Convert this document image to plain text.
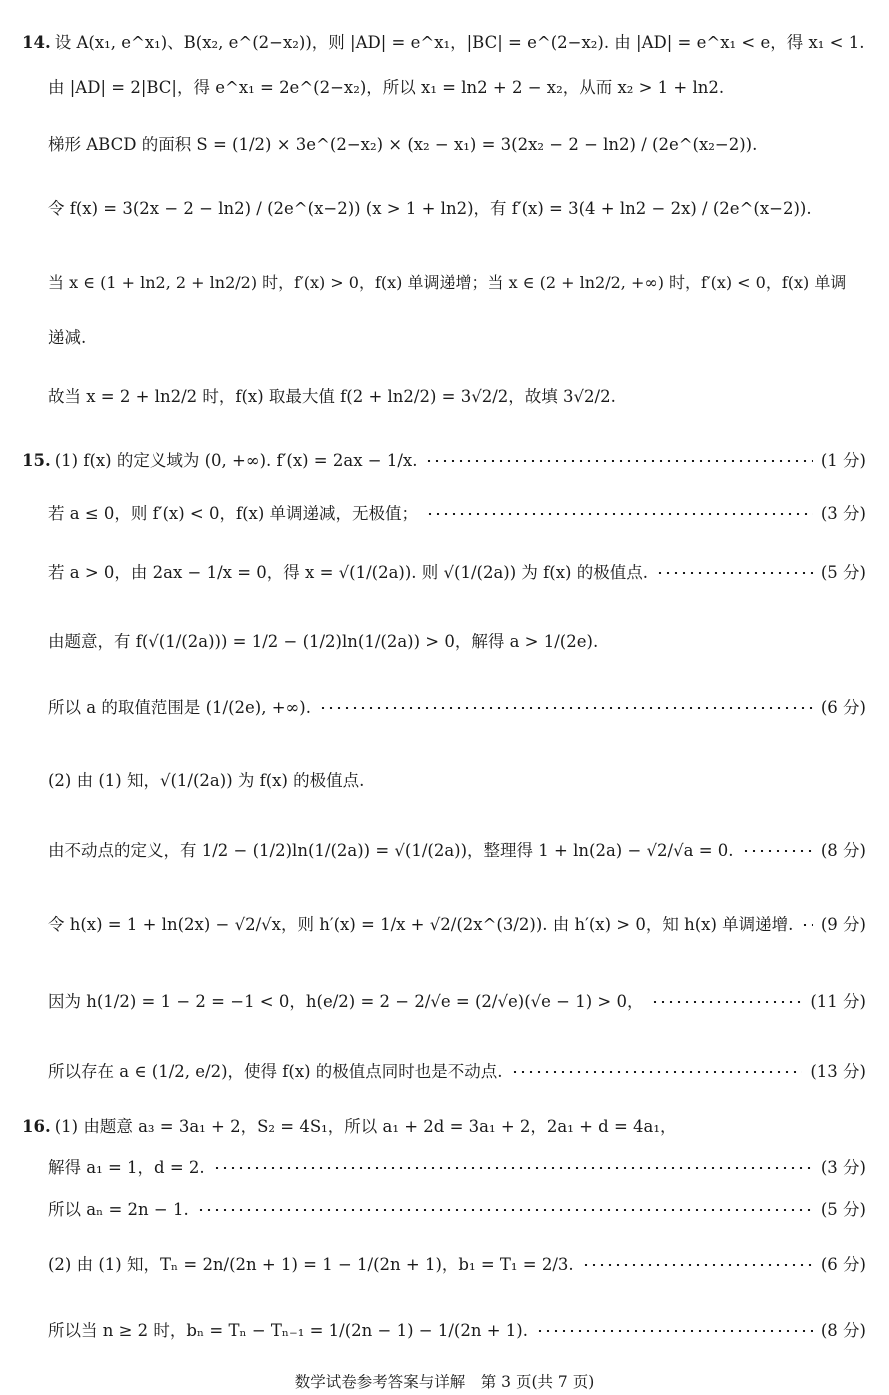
14. 设 A(x₁, e^x₁)、B(x₂, e^(2−x₂))，则 |AD| = e^x₁，|BC| = e^(2−x₂). 由 |AD| = e^x₁ < e，得 x₁ < 1.
由 |AD| = 2|BC|，得 e^x₁ = 2e^(2−x₂)，所以 x₁ = ln2 + 2 − x₂，从而 x₂ > 1 + ln2.
梯形 ABCD 的面积 S = (1/2) × 3e^(2−x₂) × (x₂ − x₁) = 3(2x₂ − 2 − ln2) / (2e^(x₂−2)).
令 f(x) = 3(2x − 2 − ln2) / (2e^(x−2)) (x > 1 + ln2)，有 f′(x) = 3(4 + ln2 − 2x) / (2e^(x−2)).
当 x ∈ (1 + ln2, 2 + ln2/2) 时，f′(x) > 0，f(x) 单调递增；当 x ∈ (2 + ln2/2, +∞) 时，f′(x) < 0，f(x) 单调
递减.
故当 x = 2 + ln2/2 时，f(x) 取最大值 f(2 + ln2/2) = 3√2/2，故填 3√2/2.
15. (1) f(x) 的定义域为 (0, +∞). f′(x) = 2ax − 1/x.	(1 分)
若 a ≤ 0，则 f′(x) < 0，f(x) 单调递减，无极值；	(3 分)
若 a > 0，由 2ax − 1/x = 0，得 x = √(1/(2a)). 则 √(1/(2a)) 为 f(x) 的极值点.	(5 分)
由题意，有 f(√(1/(2a))) = 1/2 − (1/2)ln(1/(2a)) > 0，解得 a > 1/(2e).
所以 a 的取值范围是 (1/(2e), +∞).	(6 分)
(2) 由 (1) 知，√(1/(2a)) 为 f(x) 的极值点.
由不动点的定义，有 1/2 − (1/2)ln(1/(2a)) = √(1/(2a))，整理得 1 + ln(2a) − √2/√a = 0.	(8 分)
令 h(x) = 1 + ln(2x) − √2/√x，则 h′(x) = 1/x + √2/(2x^(3/2)). 由 h′(x) > 0，知 h(x) 单调递增. (9 分)
因为 h(1/2) = 1 − 2 = −1 < 0，h(e/2) = 2 − 2/√e = (2/√e)(√e − 1) > 0，	(11 分)
所以存在 a ∈ (1/2, e/2)，使得 f(x) 的极值点同时也是不动点.	(13 分)
16. (1) 由题意 a₃ = 3a₁ + 2，S₂ = 4S₁，所以 a₁ + 2d = 3a₁ + 2，2a₁ + d = 4a₁，
解得 a₁ = 1，d = 2.	(3 分)
所以 aₙ = 2n − 1.	(5 分)
(2) 由 (1) 知，Tₙ = 2n/(2n + 1) = 1 − 1/(2n + 1)，b₁ = T₁ = 2/3.	(6 分)
所以当 n ≥ 2 时，bₙ = Tₙ − Tₙ₋₁ = 1/(2n − 1) − 1/(2n + 1).	(8 分)
数学试卷参考答案与详解　第 3 页(共 7 页)
